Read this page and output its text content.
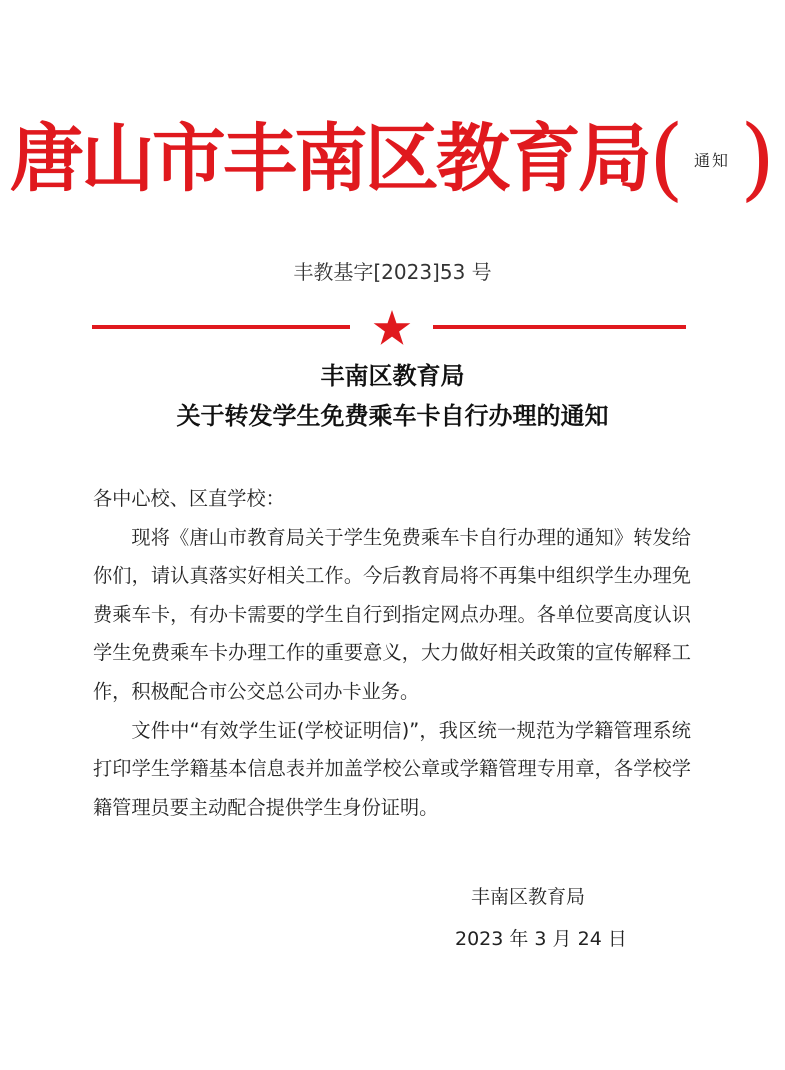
唐山市丰南区教育局 ( 通知 )
丰教基字[2023]53 号
丰南区教育局
关于转发学生免费乘车卡自行办理的通知

各中心校、区直学校：

现将《唐山市教育局关于学生免费乘车卡自行办理的通知》转发给你们，请认真落实好相关工作。今后教育局将不再集中组织学生办理免费乘车卡，有办卡需要的学生自行到指定网点办理。各单位要高度认识学生免费乘车卡办理工作的重要意义，大力做好相关政策的宣传解释工作，积极配合市公交总公司办卡业务。

文件中“有效学生证(学校证明信)”，我区统一规范为学籍管理系统打印学生学籍基本信息表并加盖学校公章或学籍管理专用章，各学校学籍管理员要主动配合提供学生身份证明。

丰南区教育局
2023 年 3 月 24 日
